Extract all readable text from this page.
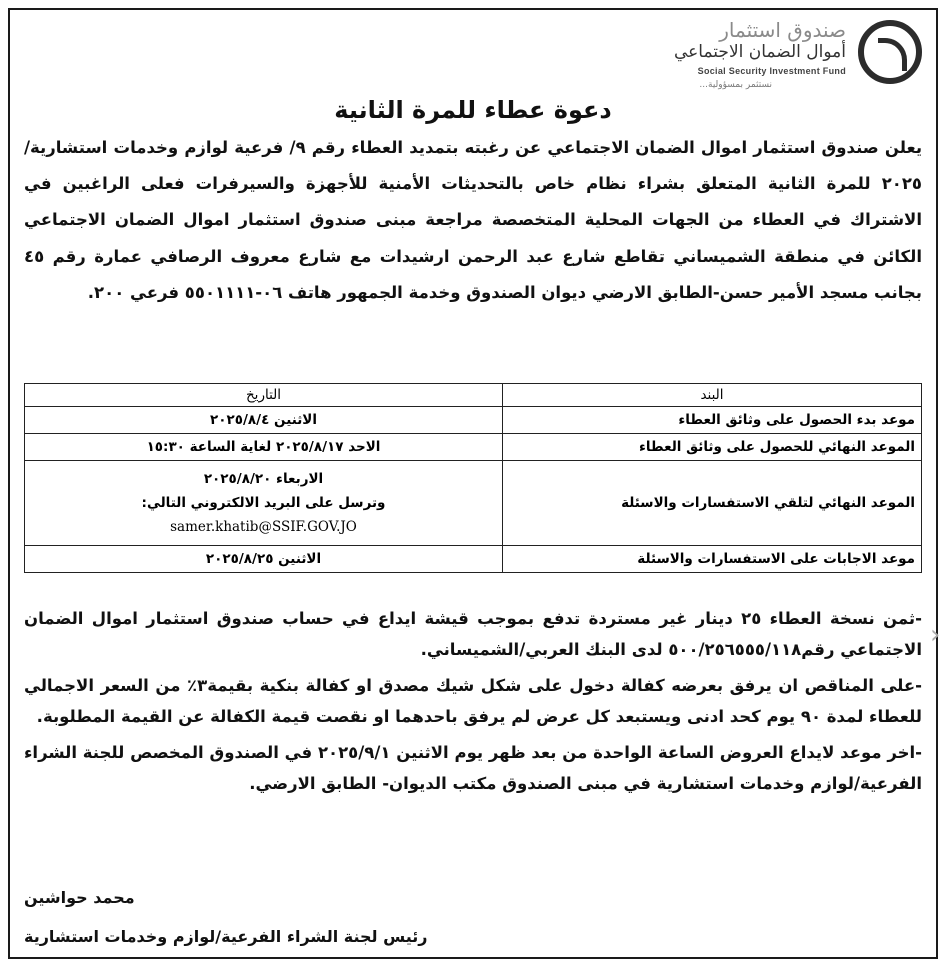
صندوق استثمار
أموال الضمان الاجتماعي
Social Security Investment Fund
نستثمر بمسؤولية...
دعوة عطاء للمرة الثانية
يعلن صندوق استثمار اموال الضمان الاجتماعي عن رغبته بتمديد العطاء رقم ٩/ فرعية لوازم وخدمات استشارية/٢٠٢٥ للمرة الثانية المتعلق بشراء نظام خاص بالتحديثات الأمنية للأجهزة والسيرفرات فعلى الراغبين في الاشتراك في العطاء من الجهات المحلية المتخصصة مراجعة مبنى صندوق استثمار اموال الضمان الاجتماعي الكائن في منطقة الشميساني تقاطع شارع عبد الرحمن ارشيدات مع شارع معروف الرصافي عمارة رقم ٤٥ بجانب مسجد الأمير حسن-الطابق الارضي ديوان الصندوق وخدمة الجمهور هاتف ٠٦-٥٥٠١١١١ فرعي ٢٠٠.
البند	التاريخ
موعد بدء الحصول على وثائق العطاء	الاثنين ٢٠٢٥/٨/٤
الموعد النهائي للحصول على وثائق العطاء	الاحد ٢٠٢٥/٨/١٧ لغاية الساعة ١٥:٣٠
الموعد النهائي لتلقي الاستفسارات والاسئلة	الاربعاء ٢٠٢٥/٨/٢٠
وترسل على البريد الالكتروني التالي:
samer.khatib@SSIF.GOV.JO

موعد الاجابات على الاستفسارات والاسئلة	الاثنين ٢٠٢٥/٨/٢٥

-ثمن نسخة العطاء ٢٥ دينار غير مستردة تدفع بموجب قيشة ايداع في حساب صندوق استثمار اموال الضمان الاجتماعي رقم٥٠٠/٢٥٦٥٥٥/١١٨ لدى البنك العربي/الشميساني.

-على المناقص ان يرفق بعرضه كفالة دخول على شكل شيك مصدق او كفالة بنكية بقيمة٣٪ من السعر الاجمالي للعطاء لمدة ٩٠ يوم كحد ادنى ويستبعد كل عرض لم يرفق باحدهما او نقصت قيمة الكفالة عن القيمة المطلوبة.

-اخر موعد لايداع العروض الساعة الواحدة من بعد ظهر يوم الاثنين ٢٠٢٥/٩/١ في الصندوق المخصص للجنة الشراء الفرعية/لوازم وخدمات استشارية في مبنى الصندوق مكتب الديوان- الطابق الارضي.

محمد حواشين
رئيس لجنة الشراء الفرعية/لوازم وخدمات استشارية
›
